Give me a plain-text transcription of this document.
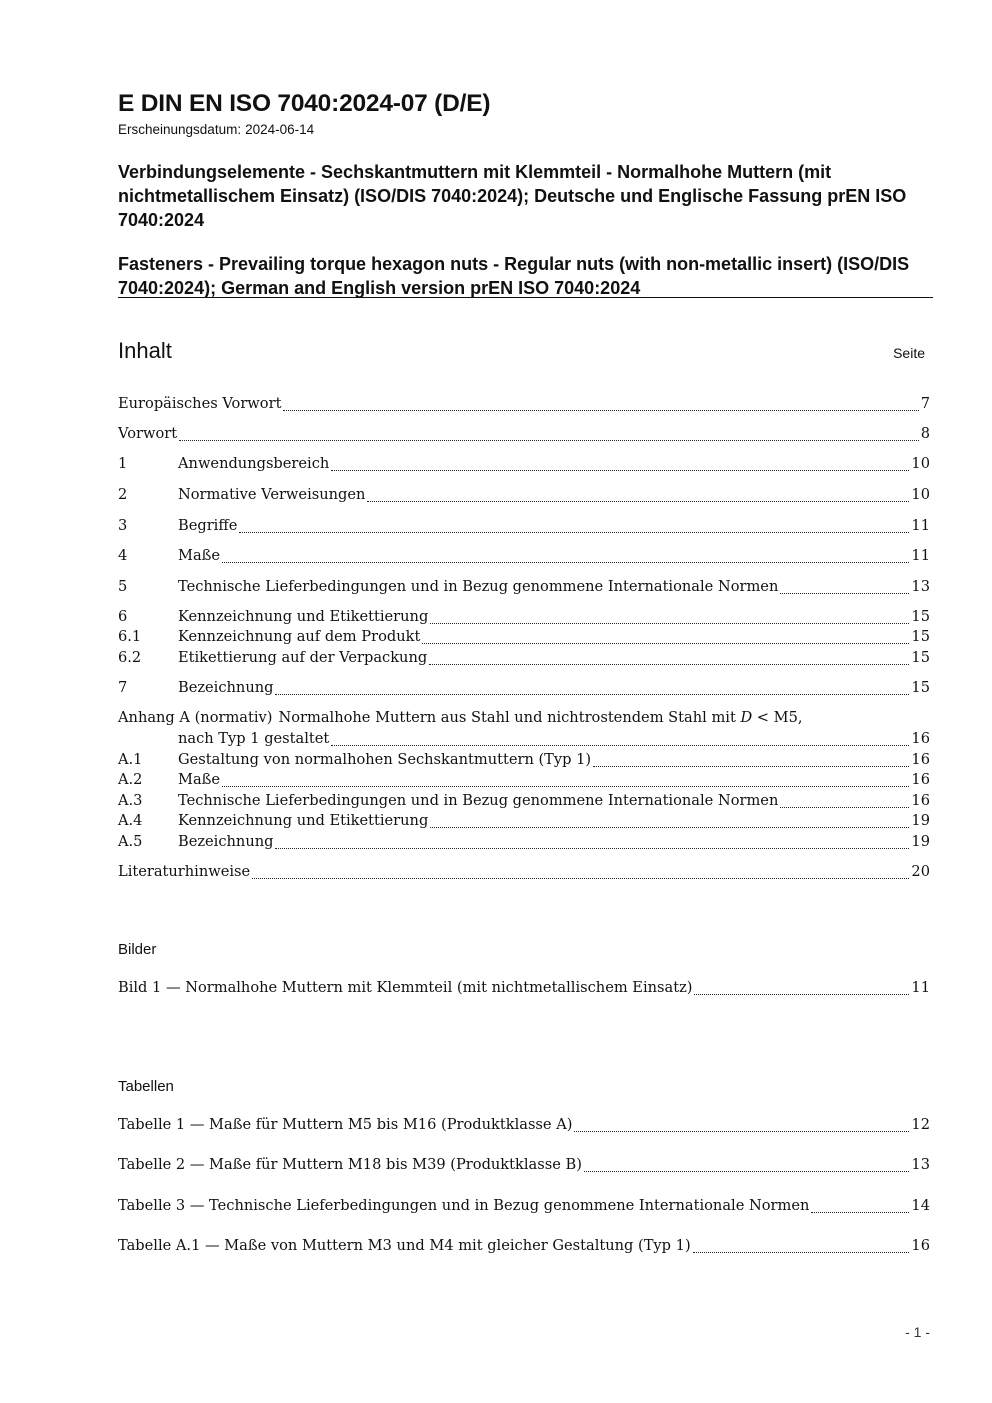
E DIN EN ISO 7040:2024-07 (D/E)
Erscheinungsdatum: 2024-06-14
Verbindungselemente - Sechskantmuttern mit Klemmteil - Normalhohe Muttern (mit nichtmetallischem Einsatz) (ISO/DIS 7040:2024); Deutsche und Englische Fassung prEN ISO 7040:2024
Fasteners - Prevailing torque hexagon nuts - Regular nuts (with non-metallic insert) (ISO/DIS 7040:2024); German and English version prEN ISO 7040:2024
Inhalt	Seite
Europäisches Vorwort	7
Vorwort	8
1	Anwendungsbereich	10
2	Normative Verweisungen	10
3	Begriffe	11
4	Maße	11
5	Technische Lieferbedingungen und in Bezug genommene Internationale Normen	13
6	Kennzeichnung und Etikettierung	15
6.1	Kennzeichnung auf dem Produkt	15
6.2	Etikettierung auf der Verpackung	15
7	Bezeichnung	15
Anhang A (normativ) Normalhohe Muttern aus Stahl und nichtrostendem Stahl mit D < M5,
nach Typ 1 gestaltet	16
A.1	Gestaltung von normalhohen Sechskantmuttern (Typ 1)	16
A.2	Maße	16
A.3	Technische Lieferbedingungen und in Bezug genommene Internationale Normen	16
A.4	Kennzeichnung und Etikettierung	19
A.5	Bezeichnung	19
Literaturhinweise	20
Bilder
Bild 1 — Normalhohe Muttern mit Klemmteil (mit nichtmetallischem Einsatz)	11
Tabellen
Tabelle 1 — Maße für Muttern M5 bis M16 (Produktklasse A)	12
Tabelle 2 — Maße für Muttern M18 bis M39 (Produktklasse B)	13
Tabelle 3 — Technische Lieferbedingungen und in Bezug genommene Internationale Normen	14
Tabelle A.1 — Maße von Muttern M3 und M4 mit gleicher Gestaltung (Typ 1)	16
- 1 -
